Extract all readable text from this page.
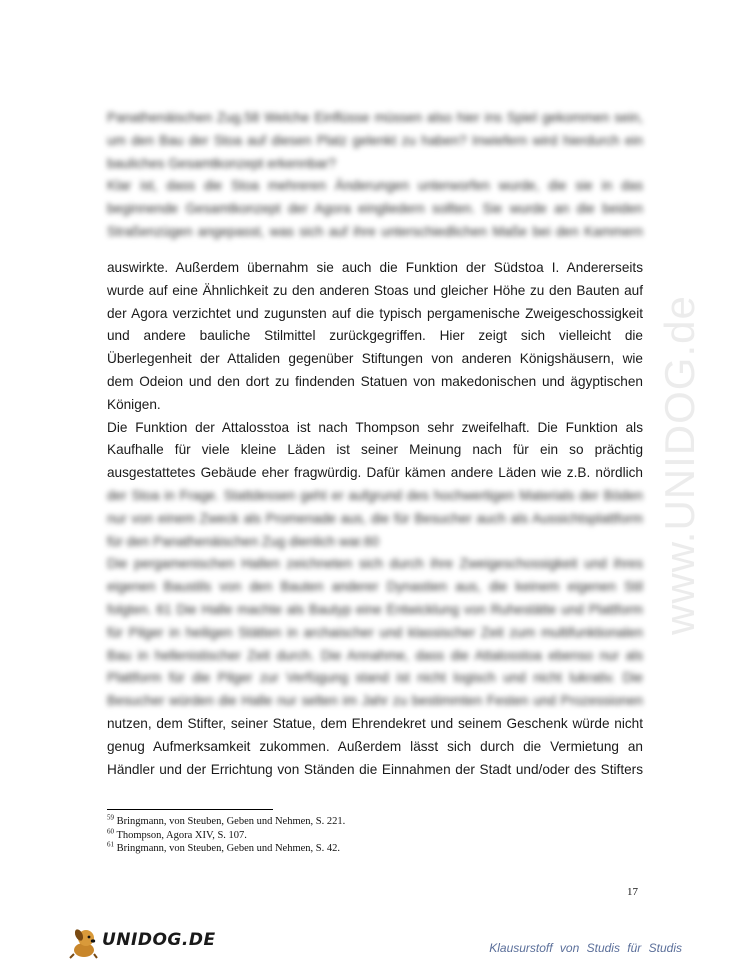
www.UNIDOG.de
Panathenäischen Zug.58 Welche Einflüsse müssen also hier ins Spiel gekommen sein,
um den Bau der Stoa auf diesen Platz gelenkt zu haben? Inwiefern wird hierdurch ein
bauliches Gesamtkonzept erkennbar?
Klar ist, dass die Stoa mehreren Änderungen unterworfen wurde, die sie in das
beginnende Gesamtkonzept der Agora eingliedern sollten. Sie wurde an die beiden
Straßenzügen angepasst, was sich auf ihre unterschiedlichen Maße bei den Kammern
auswirkte. Außerdem übernahm sie auch die Funktion der Südstoa I. Andererseits
wurde auf eine Ähnlichkeit zu den anderen Stoas und gleicher Höhe zu den Bauten auf
der Agora verzichtet und zugunsten auf die typisch pergamenische Zweigeschossigkeit
und andere bauliche Stilmittel zurückgegriffen. Hier zeigt sich vielleicht die
Überlegenheit der Attaliden gegenüber Stiftungen von anderen Königshäusern, wie
dem Odeion und den dort zu findenden Statuen von makedonischen und ägyptischen
Königen.
Die Funktion der Attalosstoa ist nach Thompson sehr zweifelhaft. Die Funktion als
Kaufhalle für viele kleine Läden ist seiner Meinung nach für ein so prächtig
ausgestattetes Gebäude eher fragwürdig. Dafür kämen andere Läden wie z.B. nördlich
der Stoa in Frage. Stattdessen geht er aufgrund des hochwertigen Materials der Böden
nur von einem Zweck als Promenade aus, die für Besucher auch als Aussichtsplattform
für den Panathenäischen Zug dienlich war.60
Die pergamenischen Hallen zeichneten sich durch ihre Zweigeschossigkeit und ihres
eigenen Baustils von den Bauten anderer Dynastien aus, die keinem eigenen Stil
folgten. 61 Die Halle machte als Bautyp eine Entwicklung von Ruhestätte und Plattform
für Pilger in heiligen Stätten in archaischer und klassischer Zeit zum multifunktionalen
Bau in hellenistischer Zeit durch. Die Annahme, dass die Attalosstoa ebenso nur als
Plattform für die Pilger zur Verfügung stand ist nicht logisch und nicht lukrativ. Die
Besucher würden die Halle nur selten im Jahr zu bestimmten Festen und Prozessionen
nutzen, dem Stifter, seiner Statue, dem Ehrendekret und seinem Geschenk würde nicht
genug Aufmerksamkeit zukommen. Außerdem lässt sich durch die Vermietung an
Händler und der Errichtung von Ständen die Einnahmen der Stadt und/oder des Stifters
$^{59}$ Bringmann, von Steuben, Geben und Nehmen, S. 221.
$^{60}$ Thompson, Agora XIV, S. 107.
$^{61}$ Bringmann, von Steuben, Geben und Nehmen, S. 42.
17
UNIDOG.DE	Klausurstoff von Studis für Studis
